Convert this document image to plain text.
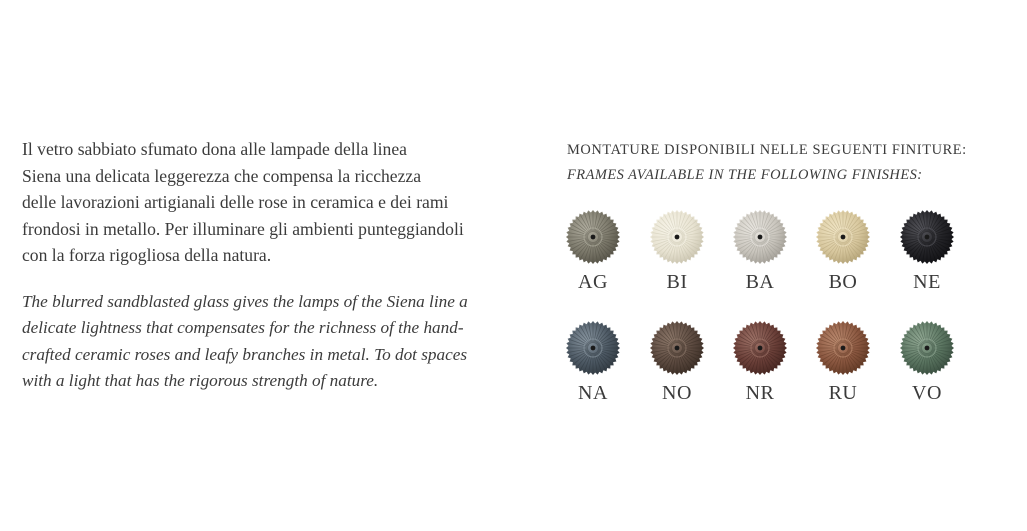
Il vetro sabbiato sfumato dona alle lampade della linea
Siena una delicata leggerezza che compensa la ricchezza
delle lavorazioni artigianali delle rose in ceramica e dei rami
frondosi in metallo. Per illuminare gli ambienti punteggiandoli
con la forza rigogliosa della natura.

The blurred sandblasted glass gives the lamps of the Siena line a
delicate lightness that compensates for the richness of the hand-
crafted ceramic roses and leafy branches in metal. To dot spaces
with a light that has the rigorous strength of nature.

MONTATURE DISPONIBILI NELLE SEGUENTI FINITURE:

FRAMES AVAILABLE IN THE FOLLOWING FINISHES:

AG	BI	BA	BO	NE
NA	NO	NR	RU	VO
